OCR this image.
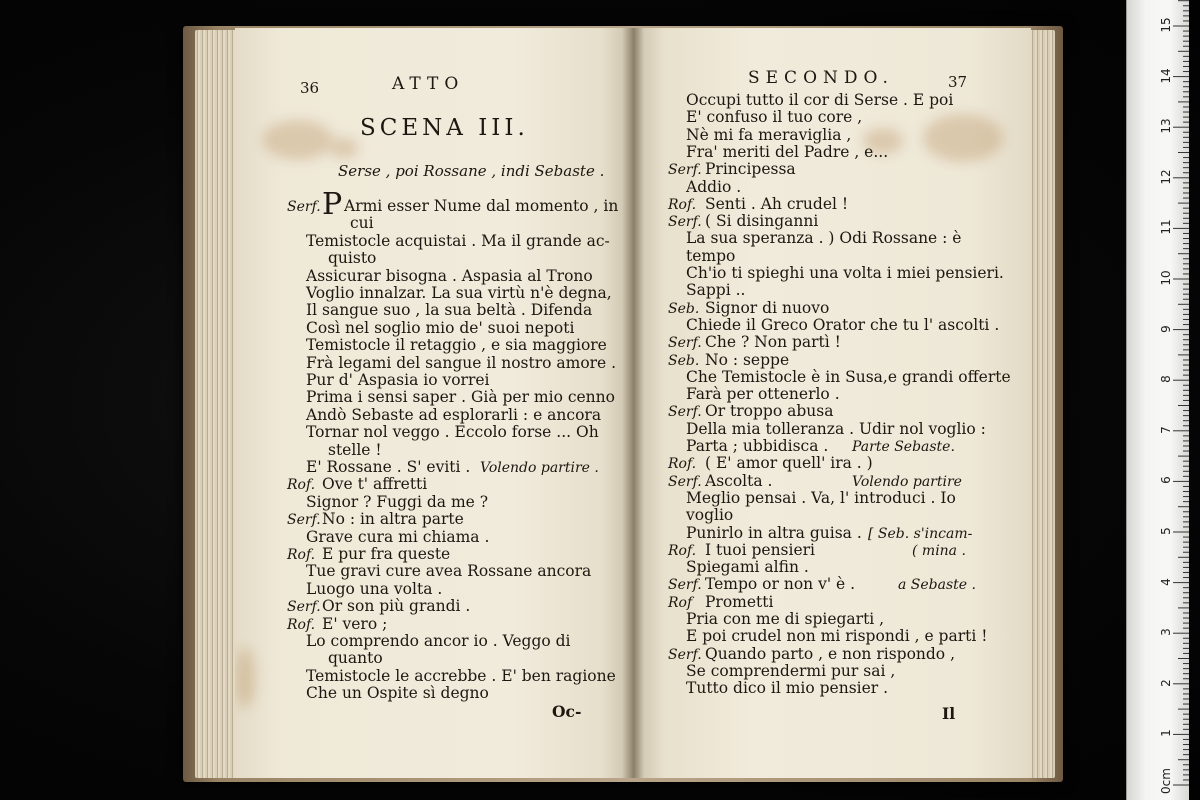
36	ATTO
SCENA III.
Serse , poi Rossane , indi Sebaste .
Oc-
SECONDO.	37
Il
Serf. P Armi esser Nume dal momento , in
cui
Temistocle acquistai . Ma il grande ac-
quisto
Assicurar bisogna . Aspasia al Trono
Voglio innalzar. La sua virtù n'è degna,
Il sangue suo , la sua beltà . Difenda
Così nel soglio mio de' suoi nepoti
Temistocle il retaggio , e sia maggiore
Frà legami del sangue il nostro amore .
Pur d' Aspasia io vorrei
Prima i sensi saper . Già per mio cenno
Andò Sebaste ad esplorarli : e ancora
Tornar nol veggo . Eccolo forse ... Oh
stelle !
E' Rossane . S' eviti . Volendo partire .
Rof. Ove t' affretti
Signor ? Fuggi da me ?
Serf. No : in altra parte
Grave cura mi chiama .
Rof. E pur fra queste
Tue gravi cure avea Rossane ancora
Luogo una volta .
Serf. Or son più grandi .
Rof. E' vero ;
Lo comprendo ancor io . Veggo di
quanto
Temistocle le accrebbe . E' ben ragione
Che un Ospite sì degno
Occupi tutto il cor di Serse . E poi
E' confuso il tuo core ,
Nè mi fa meraviglia ,
Fra' meriti del Padre , e...
Serf. Principessa
Addio .
Rof. Senti . Ah crudel !
Serf. ( Si disinganni
La sua speranza . ) Odi Rossane : è
tempo
Ch'io ti spieghi una volta i miei pensieri.
Sappi ..
Seb. Signor di nuovo
Chiede il Greco Orator che tu l' ascolti .
Serf. Che ? Non partì !
Seb. No : seppe
Che Temistocle è in Susa,e grandi offerte
Farà per ottenerlo .
Serf. Or troppo abusa
Della mia tolleranza . Udir nol voglio :
Parta ; ubbidisca . Parte Sebaste.
Rof. ( E' amor quell' ira . )
Serf. Ascolta .	Volendo partire
Meglio pensai . Va, l' introduci . Io
voglio
Punirlo in altra guisa . [ Seb. s'incam-
Rof. I tuoi pensieri	( mina .
Spiegami alfin .
Serf. Tempo or non v' è .	a Sebaste .
Rof Prometti
Pria con me di spiegarti ,
E poi crudel non mi rispondi , e parti !
Serf. Quando parto , e non rispondo ,
Se comprendermi pur sai ,
Tutto dico il mio pensier .
0cm
1
2
3
4
5
6
7
8
9
10
11
12
13
14
15
